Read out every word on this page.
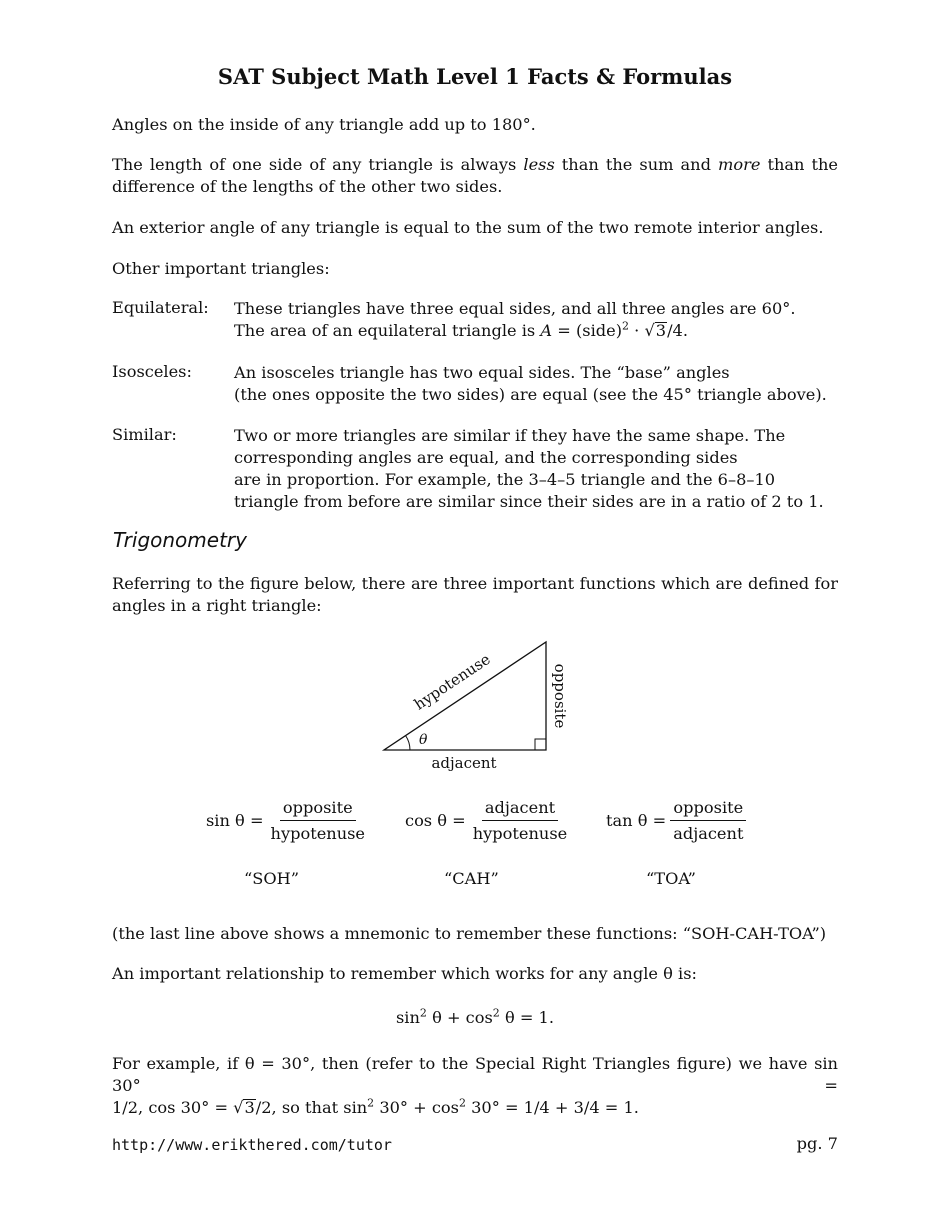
SAT Subject Math Level 1 Facts & Formulas
Angles on the inside of any triangle add up to 180°.
The length of one side of any triangle is always less than the sum and more than the difference of the lengths of the other two sides.
An exterior angle of any triangle is equal to the sum of the two remote interior angles.
Other important triangles:
Equilateral: These triangles have three equal sides, and all three angles are 60°.
The area of an equilateral triangle is A = (side)$^2$ · √3/4.
Isosceles:	An isosceles triangle has two equal sides. The “base” angles
(the ones opposite the two sides) are equal (see the 45° triangle above).
Similar:	Two or more triangles are similar if they have the same shape. The
corresponding angles are equal, and the corresponding sides
are in proportion. For example, the 3–4–5 triangle and the 6–8–10
triangle from before are similar since their sides are in a ratio of 2 to 1.
Trigonometry
Referring to the figure below, there are three important functions which are defined for angles in a right triangle:
θ
hypotenuse	opposite
adjacent
$\sin \theta = \frac{\text{opposite}}{\text{hypotenuse}}$ $\cos \theta = \frac{\text{adjacent}}{\text{hypotenuse}}$ $\tan \theta = \frac{\text{opposite}}{\text{adjacent}}$
“SOH”	“CAH”	“TOA”
(the last line above shows a mnemonic to remember these functions: “SOH-CAH-TOA”)
An important relationship to remember which works for any angle θ is:
$\sin^2 \theta + \cos^2 \theta = 1$.
For example, if θ = 30°, then (refer to the Special Right Triangles figure) we have sin 30° =
1/2, cos 30° = √3/2, so that $\sin^2 30^\circ + \cos^2 30^\circ = 1/4 + 3/4 = 1$.
http://www.erikthered.com/tutor	pg. 7
